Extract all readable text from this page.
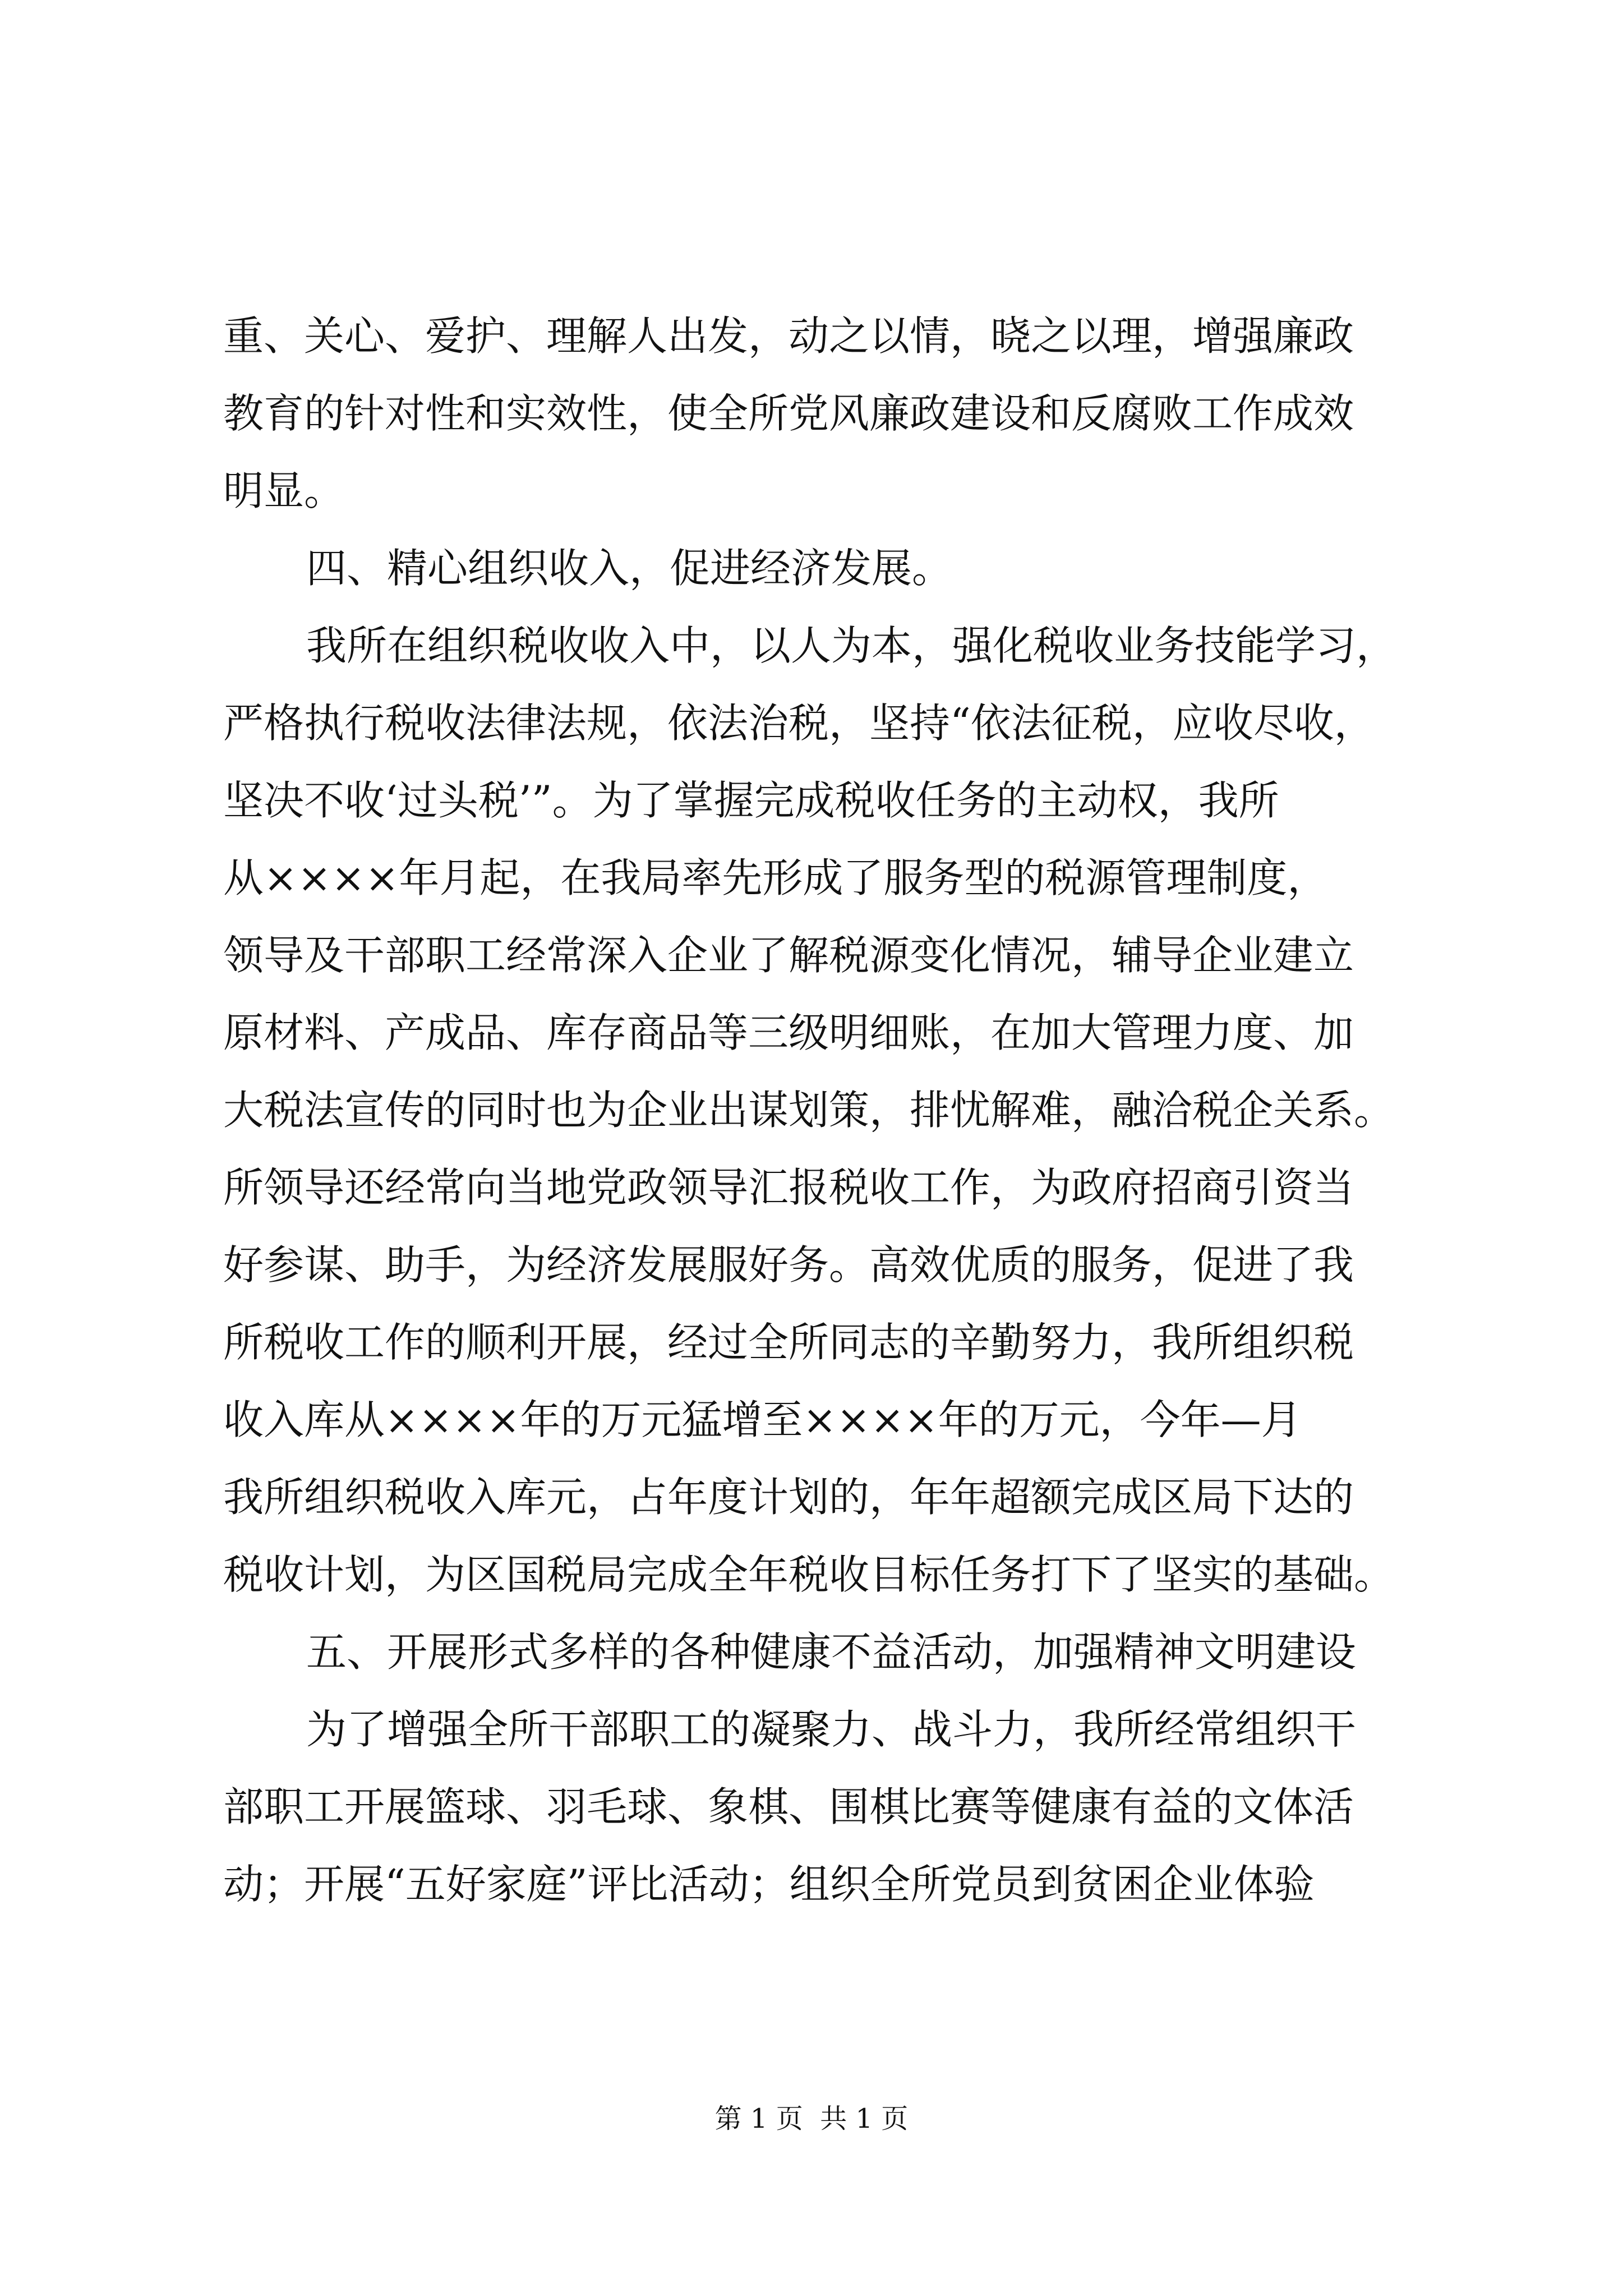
重、关心、爱护、理解人出发，动之以情，晓之以理，增强廉政
教育的针对性和实效性，使全所党风廉政建设和反腐败工作成效
明显。
四、精心组织收入，促进经济发展。
我所在组织税收收入中，以人为本，强化税收业务技能学习，
严格执行税收法律法规，依法治税，坚持“依法征税，应收尽收，
坚决不收‘过头税’”。为了掌握完成税收任务的主动权，我所
从××××年月起，在我局率先形成了服务型的税源管理制度，
领导及干部职工经常深入企业了解税源变化情况，辅导企业建立
原材料、产成品、库存商品等三级明细账，在加大管理力度、加
大税法宣传的同时也为企业出谋划策，排忧解难，融洽税企关系。
所领导还经常向当地党政领导汇报税收工作，为政府招商引资当
好参谋、助手，为经济发展服好务。高效优质的服务，促进了我
所税收工作的顺利开展，经过全所同志的辛勤努力，我所组织税
收入库从××××年的万元猛增至××××年的万元，今年—月
我所组织税收入库元，占年度计划的，年年超额完成区局下达的
税收计划，为区国税局完成全年税收目标任务打下了坚实的基础。
五、开展形式多样的各种健康不益活动，加强精神文明建设
为了增强全所干部职工的凝聚力、战斗力，我所经常组织干
部职工开展篮球、羽毛球、象棋、围棋比赛等健康有益的文体活
动；开展“五好家庭”评比活动；组织全所党员到贫困企业体验
第 1 页  共 1 页
